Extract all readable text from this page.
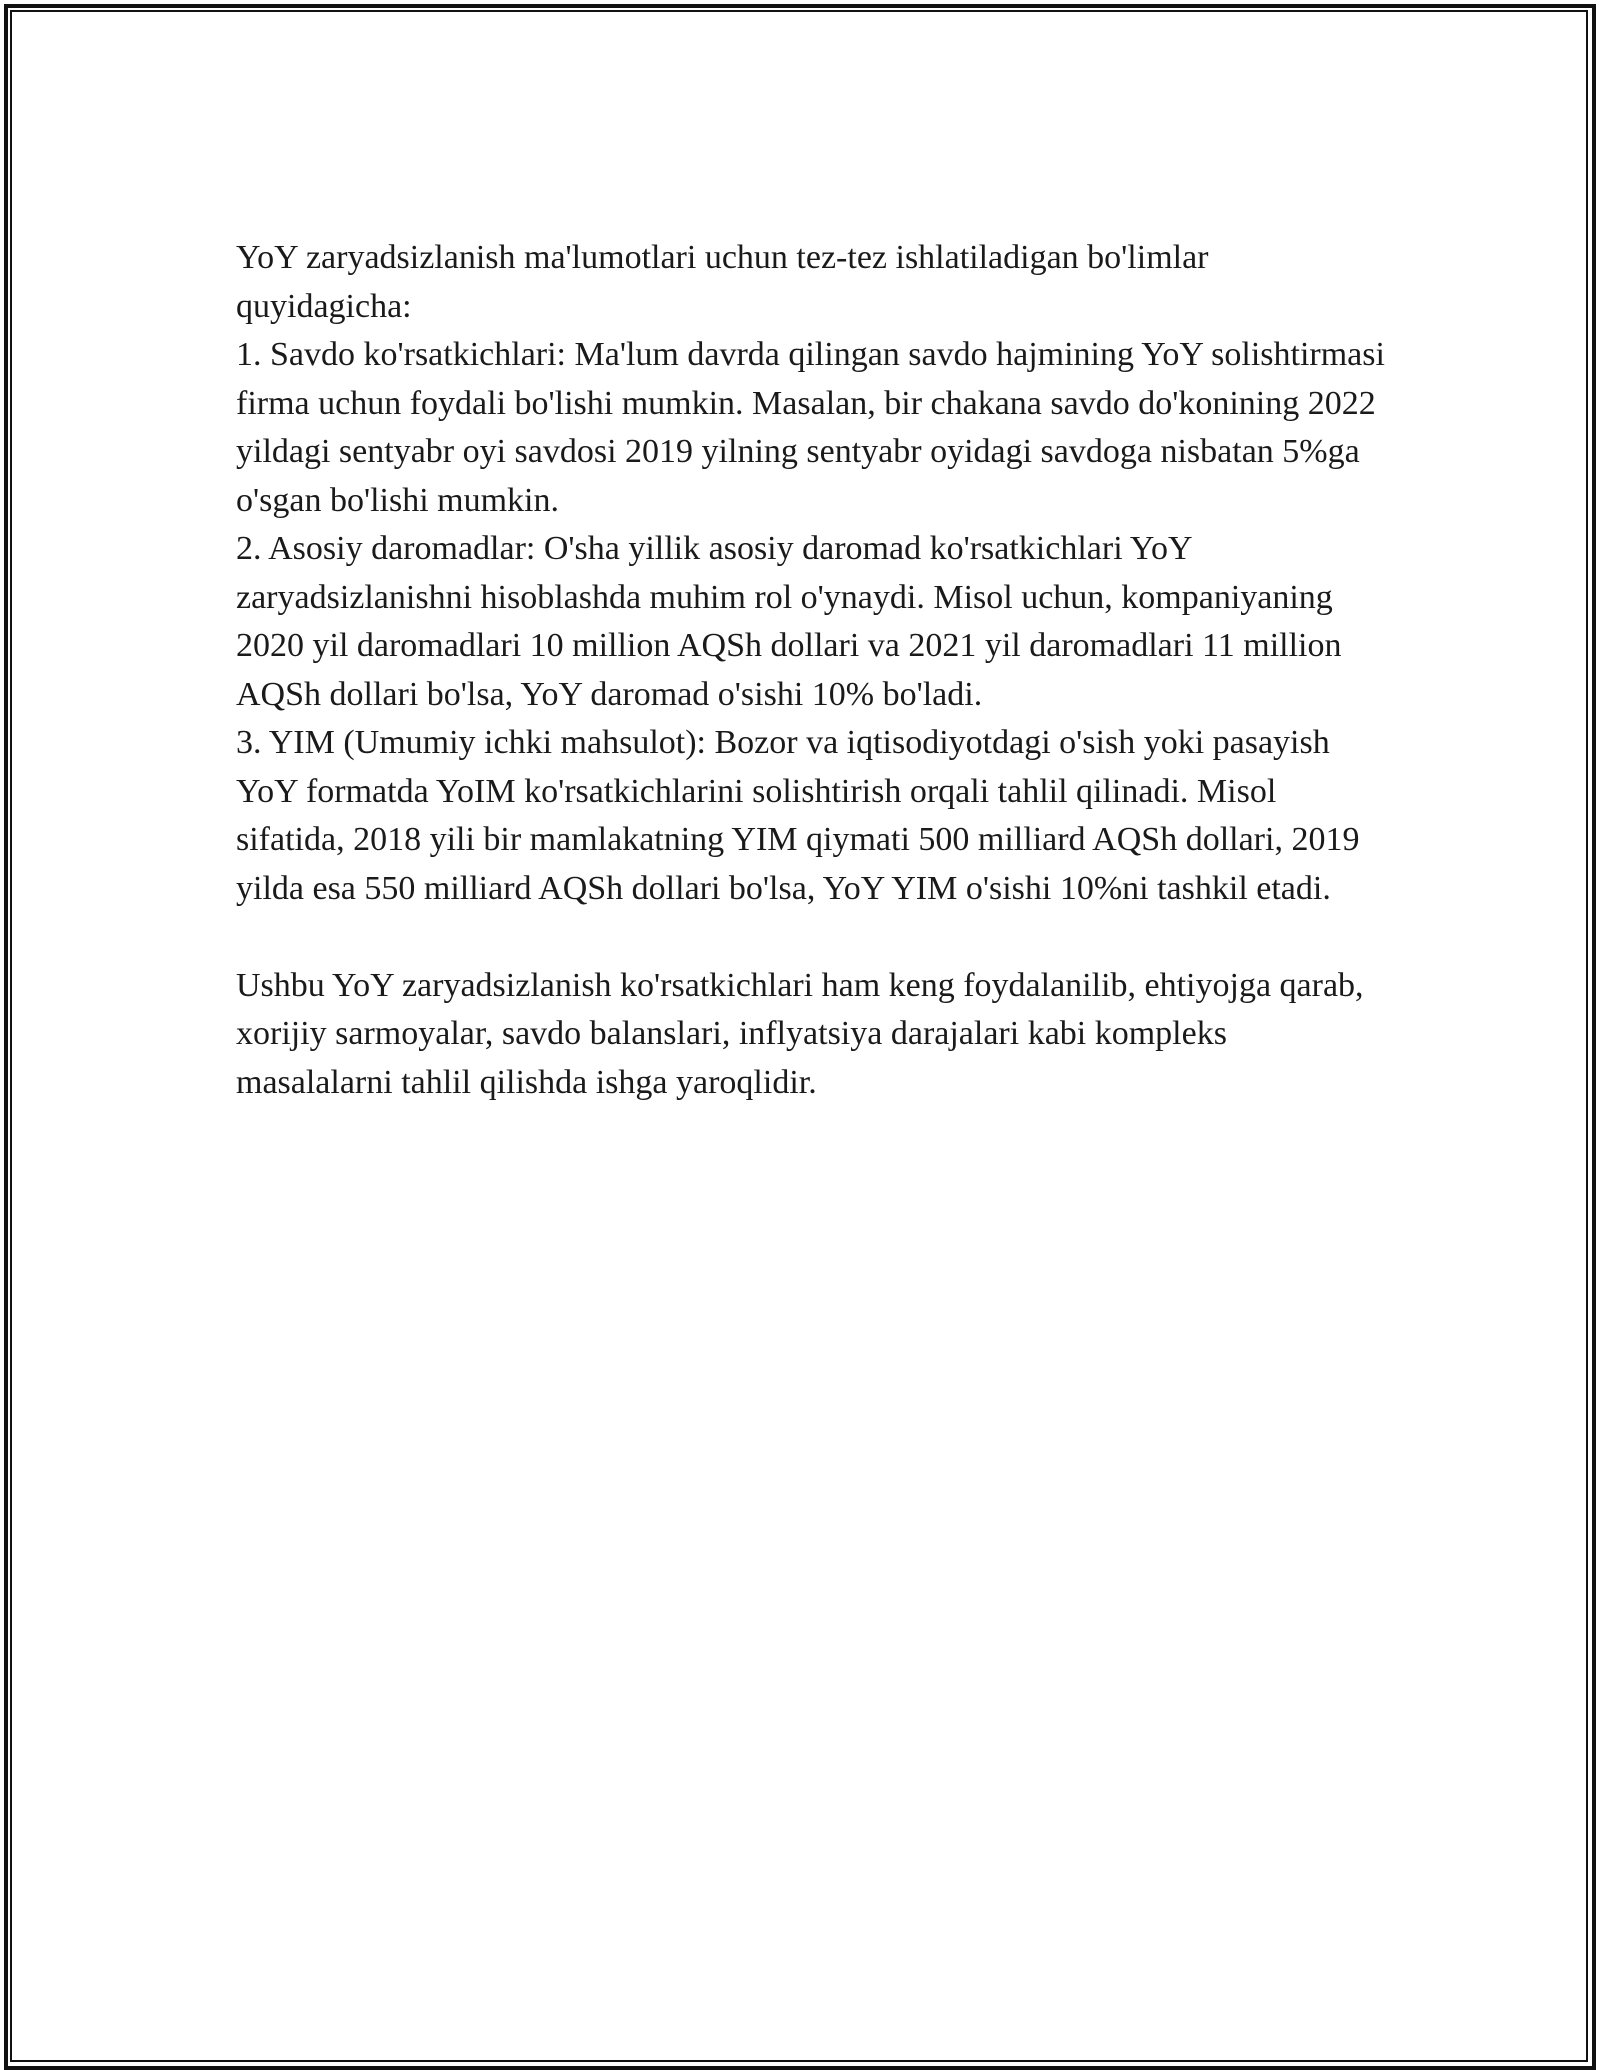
YoY zaryadsizlanish ma'lumotlari uchun tez-tez ishlatiladigan bo'limlar quyidagicha:

1. Savdo ko'rsatkichlari: Ma'lum davrda qilingan savdo hajmining YoY solishtirmasi firma uchun foydali bo'lishi mumkin. Masalan, bir chakana savdo do'konining 2022 yildagi sentyabr oyi savdosi 2019 yilning sentyabr oyidagi savdoga nisbatan 5%ga o'sgan bo'lishi mumkin.

2. Asosiy daromadlar: O'sha yillik asosiy daromad ko'rsatkichlari YoY zaryadsizlanishni hisoblashda muhim rol o'ynaydi. Misol uchun, kompaniyaning 2020 yil daromadlari 10 million AQSh dollari va 2021 yil daromadlari 11 million AQSh dollari bo'lsa, YoY daromad o'sishi 10% bo'ladi.

3. YIM (Umumiy ichki mahsulot): Bozor va iqtisodiyotdagi o'sish yoki pasayish YoY formatda YoIM ko'rsatkichlarini solishtirish orqali tahlil qilinadi. Misol sifatida, 2018 yili bir mamlakatning YIM qiymati 500 milliard AQSh dollari, 2019 yilda esa 550 milliard AQSh dollari bo'lsa, YoY YIM o'sishi 10%ni tashkil etadi.

Ushbu YoY zaryadsizlanish ko'rsatkichlari ham keng foydalanilib, ehtiyojga qarab, xorijiy sarmoyalar, savdo balanslari, inflyatsiya darajalari kabi kompleks masalalarni tahlil qilishda ishga yaroqlidir.
